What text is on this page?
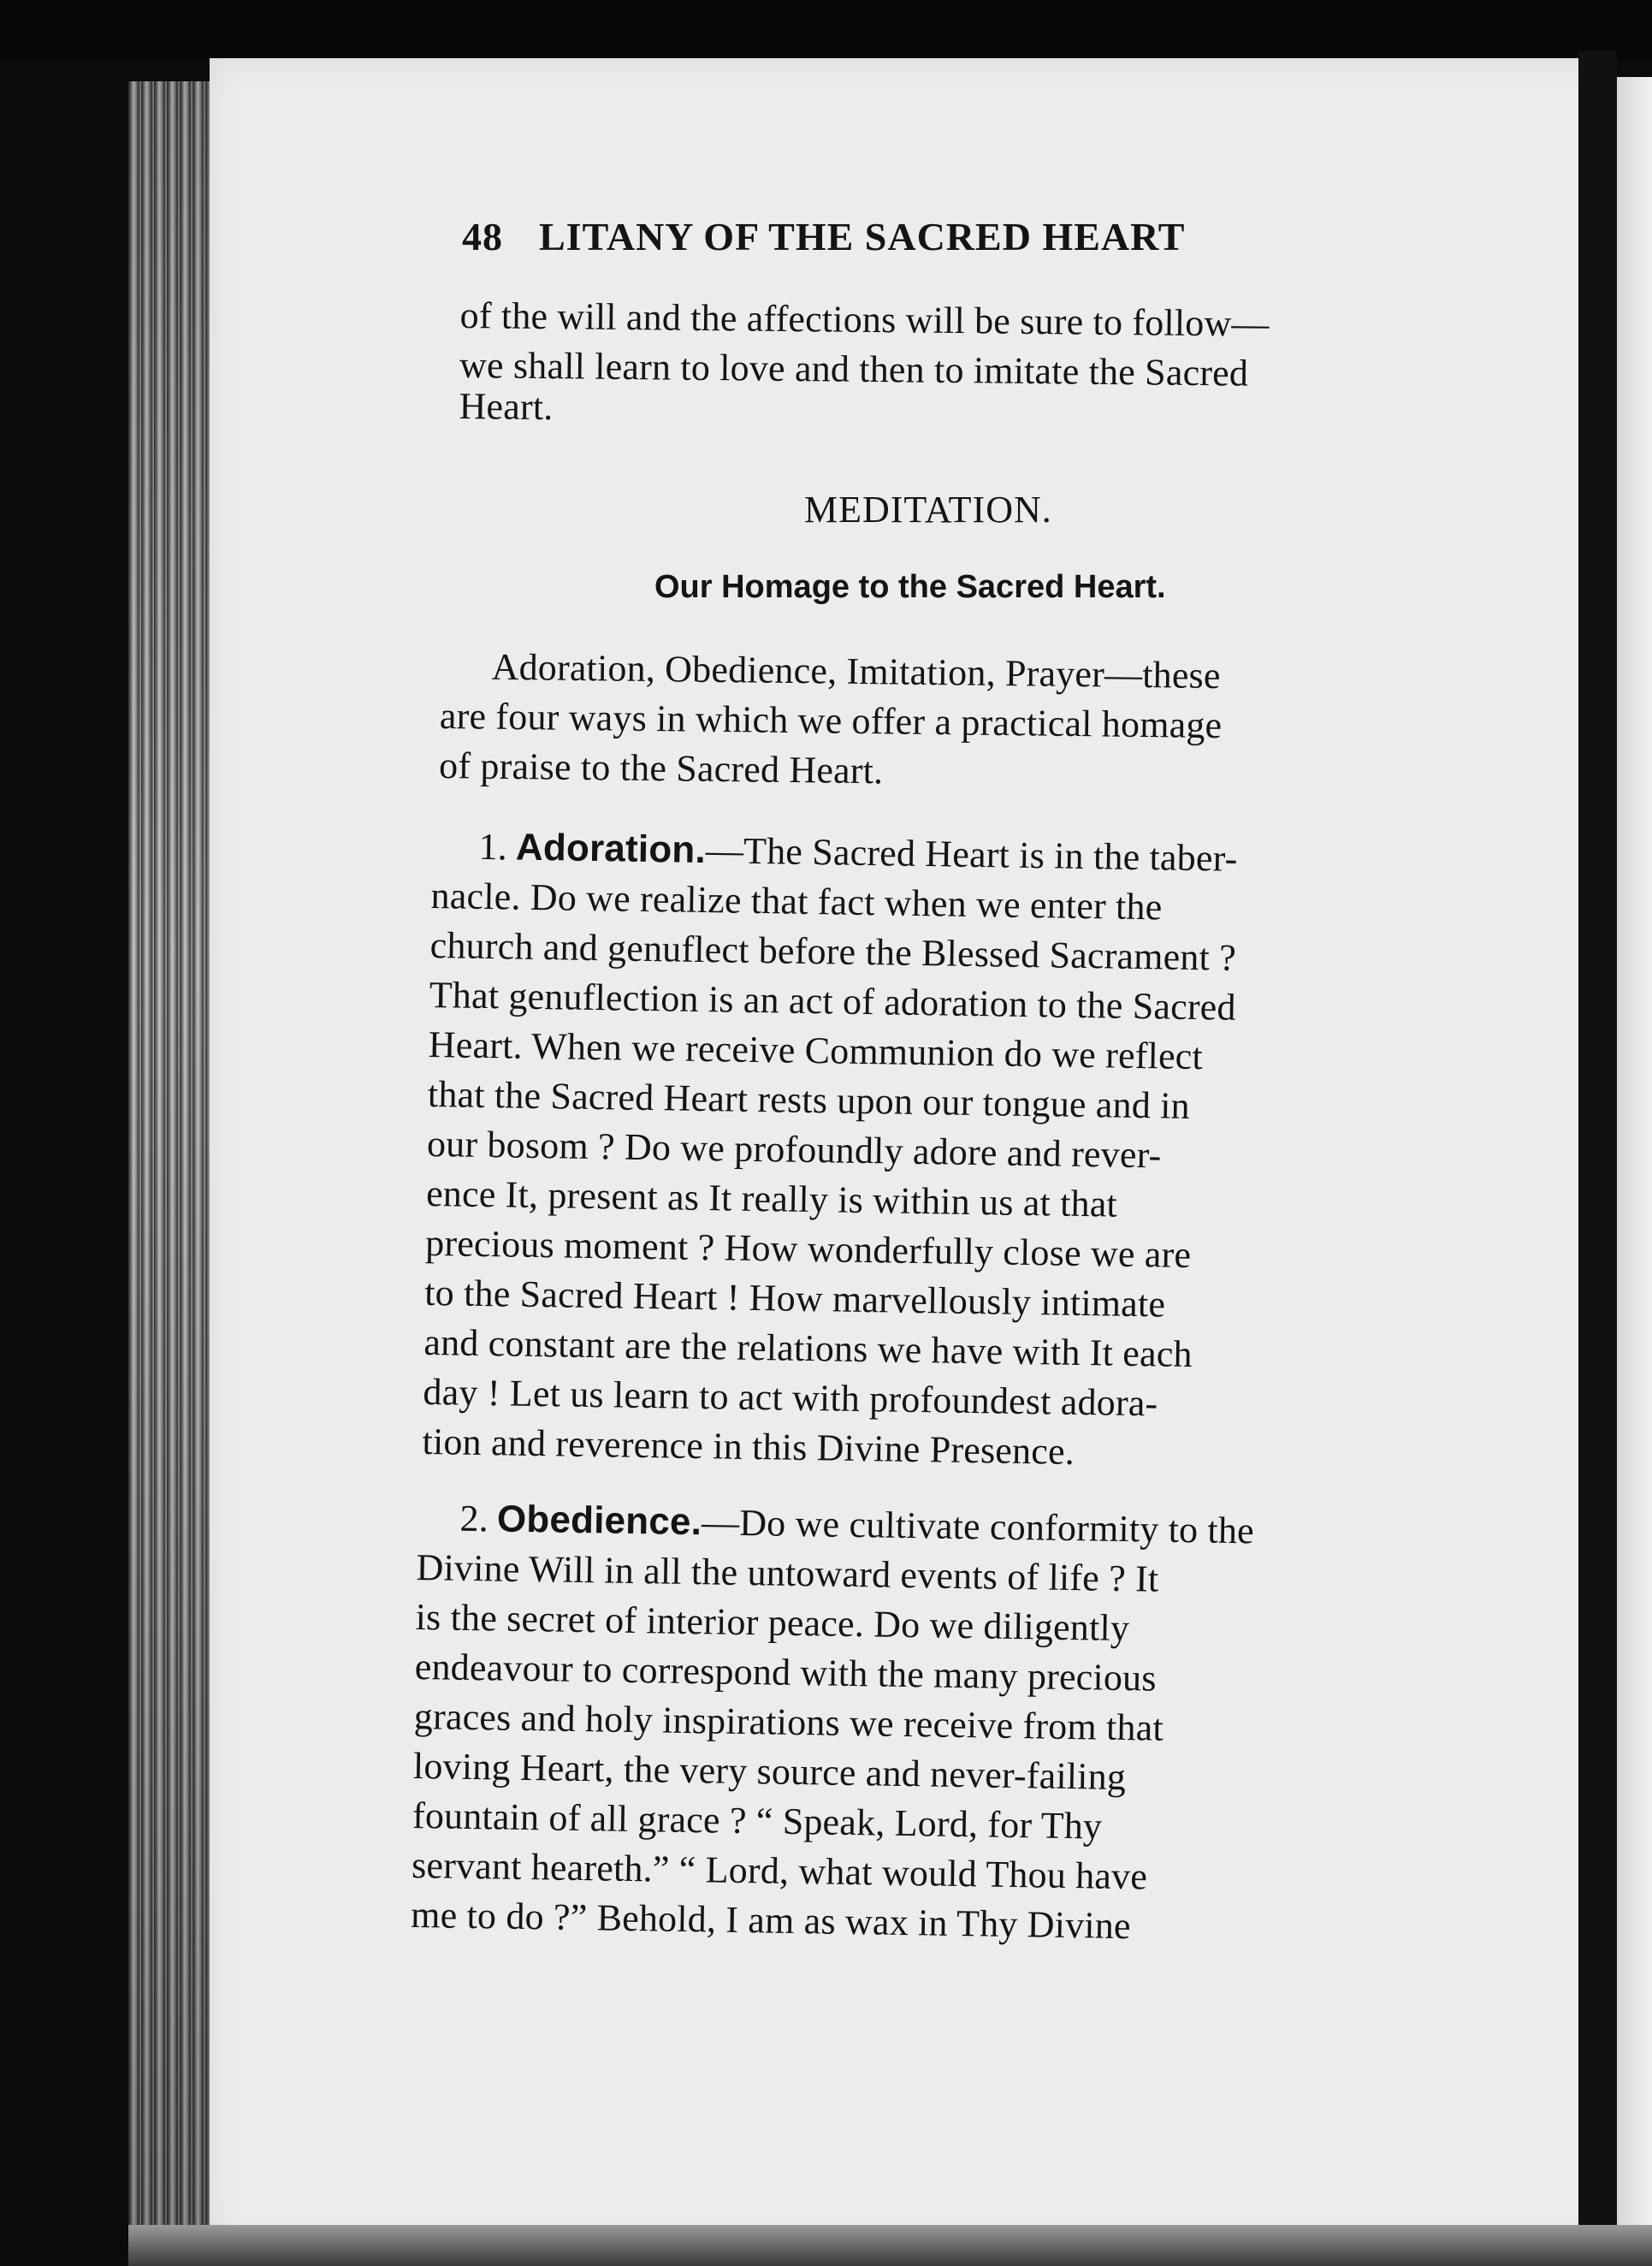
48 LITANY OF THE SACRED HEART
of the will and the affections will be sure to follow—
we shall learn to love and then to imitate the Sacred
Heart.
MEDITATION.
Our Homage to the Sacred Heart.
Adoration, Obedience, Imitation, Prayer—these
are four ways in which we offer a practical homage
of praise to the Sacred Heart.
1. Adoration.—The Sacred Heart is in the taber-
nacle. Do we realize that fact when we enter the
church and genuflect before the Blessed Sacrament ?
That genuflection is an act of adoration to the Sacred
Heart. When we receive Communion do we reflect
that the Sacred Heart rests upon our tongue and in
our bosom ? Do we profoundly adore and rever-
ence It, present as It really is within us at that
precious moment ? How wonderfully close we are
to the Sacred Heart ! How marvellously intimate
and constant are the relations we have with It each
day ! Let us learn to act with profoundest adora-
tion and reverence in this Divine Presence.
2. Obedience.—Do we cultivate conformity to the
Divine Will in all the untoward events of life ? It
is the secret of interior peace. Do we diligently
endeavour to correspond with the many precious
graces and holy inspirations we receive from that
loving Heart, the very source and never-failing
fountain of all grace ? “ Speak, Lord, for Thy
servant heareth.” “ Lord, what would Thou have
me to do ?” Behold, I am as wax in Thy Divine
